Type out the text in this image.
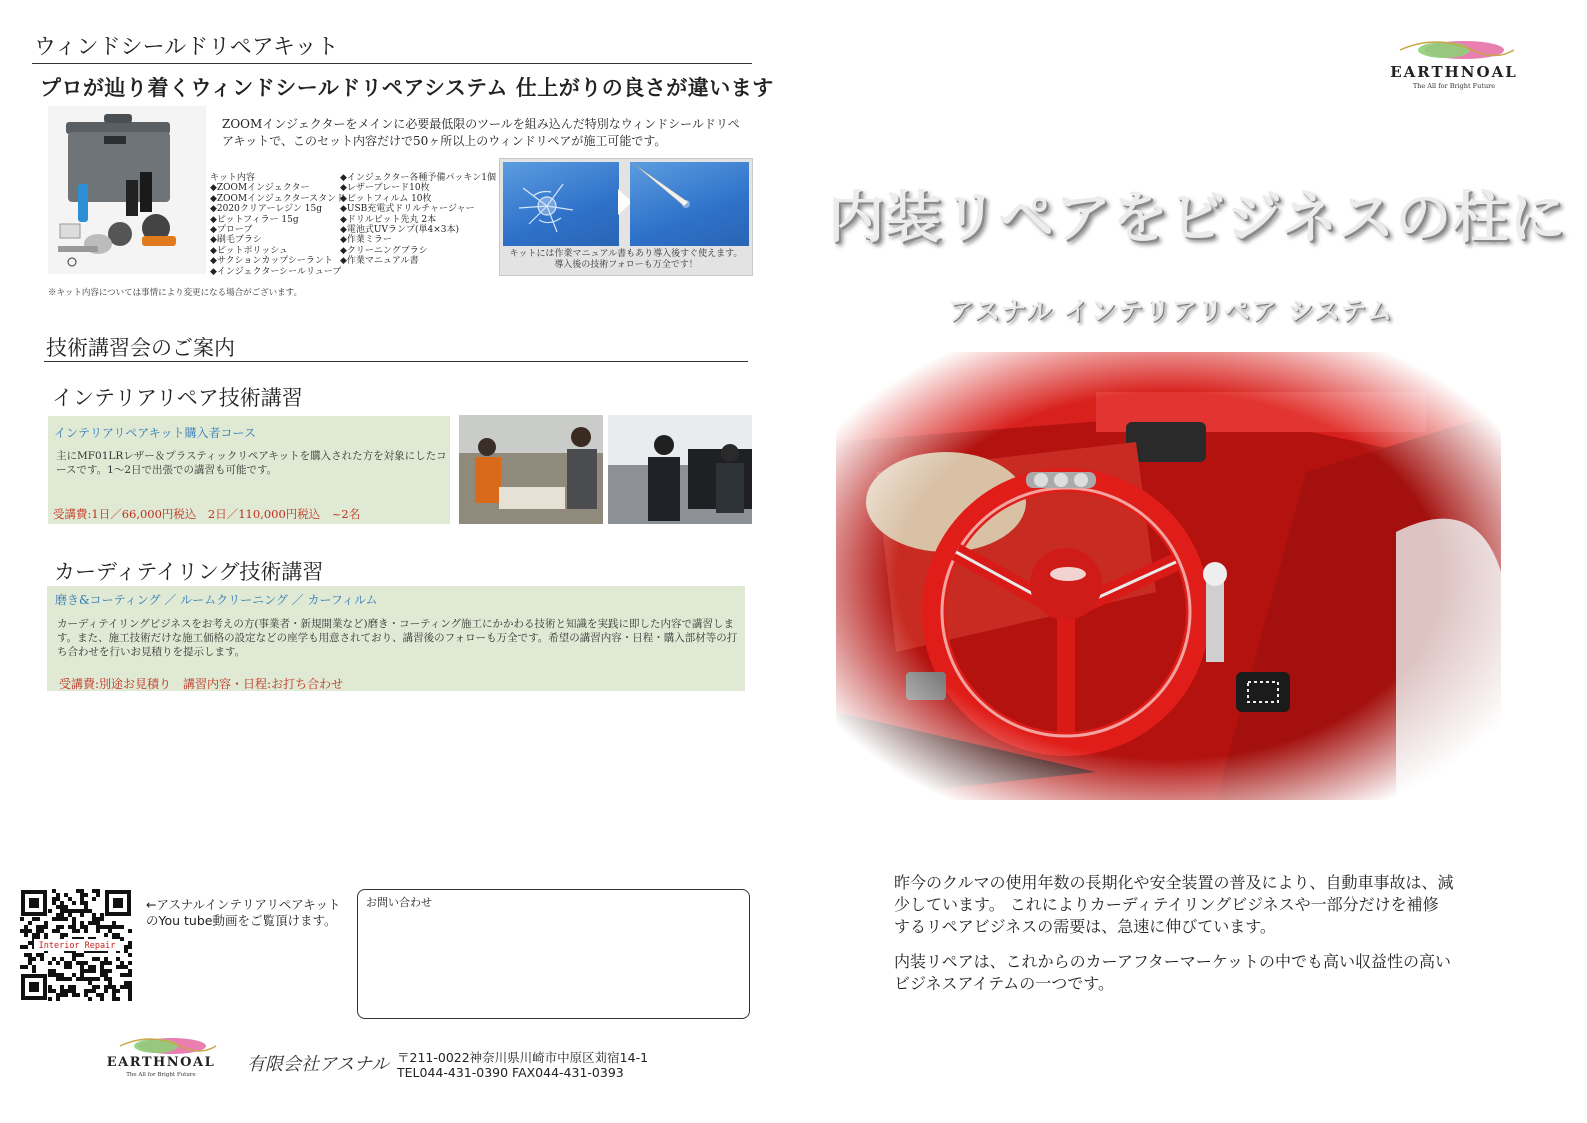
ウィンドシールドリペアキット
プロが辿り着くウィンドシールドリペアシステム 仕上がりの良さが違います
ZOOMインジェクターをメインに必要最低限のツールを組み込んだ特別なウィンドシールドリペアキットで、このセット内容だけで50ヶ所以上のウィンドリペアが施工可能です。
キット内容
◆ZOOMインジェクター
◆ZOOMインジェクタースタンド
◆2020クリアーレジン 15g
◆ピットフィラー 15g
◆プローブ
◆刷毛ブラシ
◆ピットポリッシュ
◆サクションカップシーラント
◆インジェクターシールリューブ
◆インジェクター各種予備パッキン1個
◆レザーブレード10枚
◆ピットフィルム 10枚
◆USB充電式ドリルチャージャー
◆ドリルビット先丸 2本
◆電池式UVランプ(単4×3本)
◆作業ミラー
◆クリーニングブラシ
◆作業マニュアル書
キットには作業マニュアル書もあり導入後すぐ使えます。導入後の技術フォローも万全です！
※キット内容については事情により変更になる場合がございます。
技術講習会のご案内
インテリアリペア技術講習
インテリアリペアキット購入者コース
主にMF01LRレザー＆プラスティックリペアキットを購入された方を対象にしたコースです。1～2日で出張での講習も可能です。
受講費:1日／66,000円税込　2日／110,000円税込　~2名
カーディテイリング技術講習
磨き&コーティング ／ ルームクリーニング ／ カーフィルム
カーディテイリングビジネスをお考えの方(事業者・新規開業など)磨き・コーティング施工にかかわる技術と知識を実践に即した内容で講習します。また、施工技術だけな施工価格の設定などの座学も用意されており、講習後のフォローも万全です。希望の講習内容・日程・購入部材等の打ち合わせを行いお見積りを提示します。
受講費:別途お見積り　講習内容・日程:お打ち合わせ
Interior Repair
←アスナルインテリアリペアキットのYou tube動画をご覧頂けます。
お問い合わせ
EARTHNOAL
The All for Bright Future	有限会社アスナル 〒211-0022神奈川県川崎市中原区苅宿14-1
TEL044-431-0390 FAX044-431-0393
EARTHNOAL
The All for Bright Future
内装リペアをビジネスの柱に
アスナル インテリアリペア システム
昨今のクルマの使用年数の長期化や安全装置の普及により、自動車事故は、減少しています。 これによりカーディテイリングビジネスや一部分だけを補修するリペアビジネスの需要は、急速に伸びています。
内装リペアは、これからのカーアフターマーケットの中でも高い収益性の高いビジネスアイテムの一つです。
